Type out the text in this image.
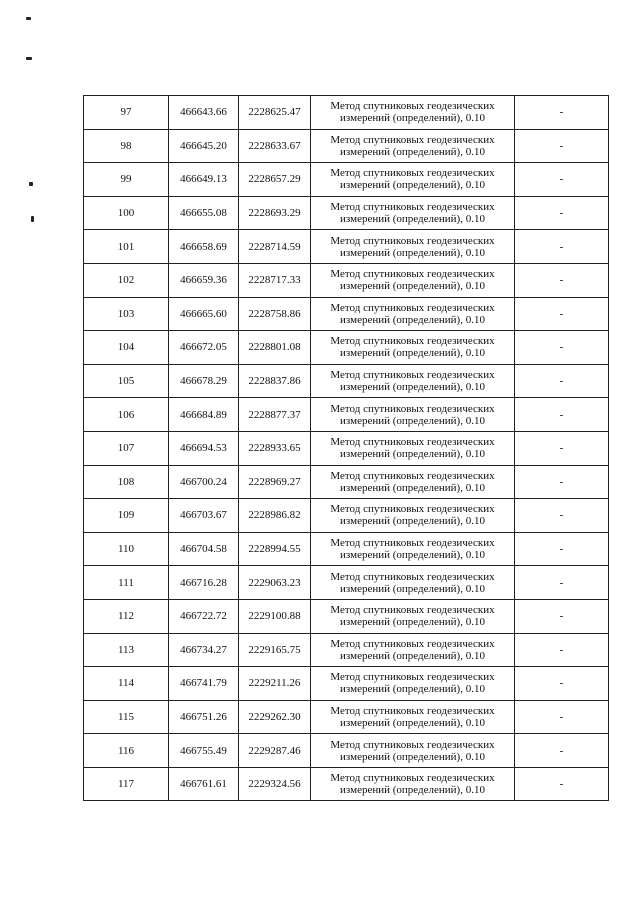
97	466643.66	2228625.47	Метод спутниковых геодезических
измерений (определений), 0.10	-
98	466645.20	2228633.67	Метод спутниковых геодезических
измерений (определений), 0.10	-
99	466649.13	2228657.29	Метод спутниковых геодезических
измерений (определений), 0.10	-
100	466655.08	2228693.29	Метод спутниковых геодезических
измерений (определений), 0.10	-
101	466658.69	2228714.59	Метод спутниковых геодезических
измерений (определений), 0.10	-
102	466659.36	2228717.33	Метод спутниковых геодезических
измерений (определений), 0.10	-
103	466665.60	2228758.86	Метод спутниковых геодезических
измерений (определений), 0.10	-
104	466672.05	2228801.08	Метод спутниковых геодезических
измерений (определений), 0.10	-
105	466678.29	2228837.86	Метод спутниковых геодезических
измерений (определений), 0.10	-
106	466684.89	2228877.37	Метод спутниковых геодезических
измерений (определений), 0.10	-
107	466694.53	2228933.65	Метод спутниковых геодезических
измерений (определений), 0.10	-
108	466700.24	2228969.27	Метод спутниковых геодезических
измерений (определений), 0.10	-
109	466703.67	2228986.82	Метод спутниковых геодезических
измерений (определений), 0.10	-
110	466704.58	2228994.55	Метод спутниковых геодезических
измерений (определений), 0.10	-
111	466716.28	2229063.23	Метод спутниковых геодезических
измерений (определений), 0.10	-
112	466722.72	2229100.88	Метод спутниковых геодезических
измерений (определений), 0.10	-
113	466734.27	2229165.75	Метод спутниковых геодезических
измерений (определений), 0.10	-
114	466741.79	2229211.26	Метод спутниковых геодезических
измерений (определений), 0.10	-
115	466751.26	2229262.30	Метод спутниковых геодезических
измерений (определений), 0.10	-
116	466755.49	2229287.46	Метод спутниковых геодезических
измерений (определений), 0.10	-
117	466761.61	2229324.56	Метод спутниковых геодезических
измерений (определений), 0.10	-
